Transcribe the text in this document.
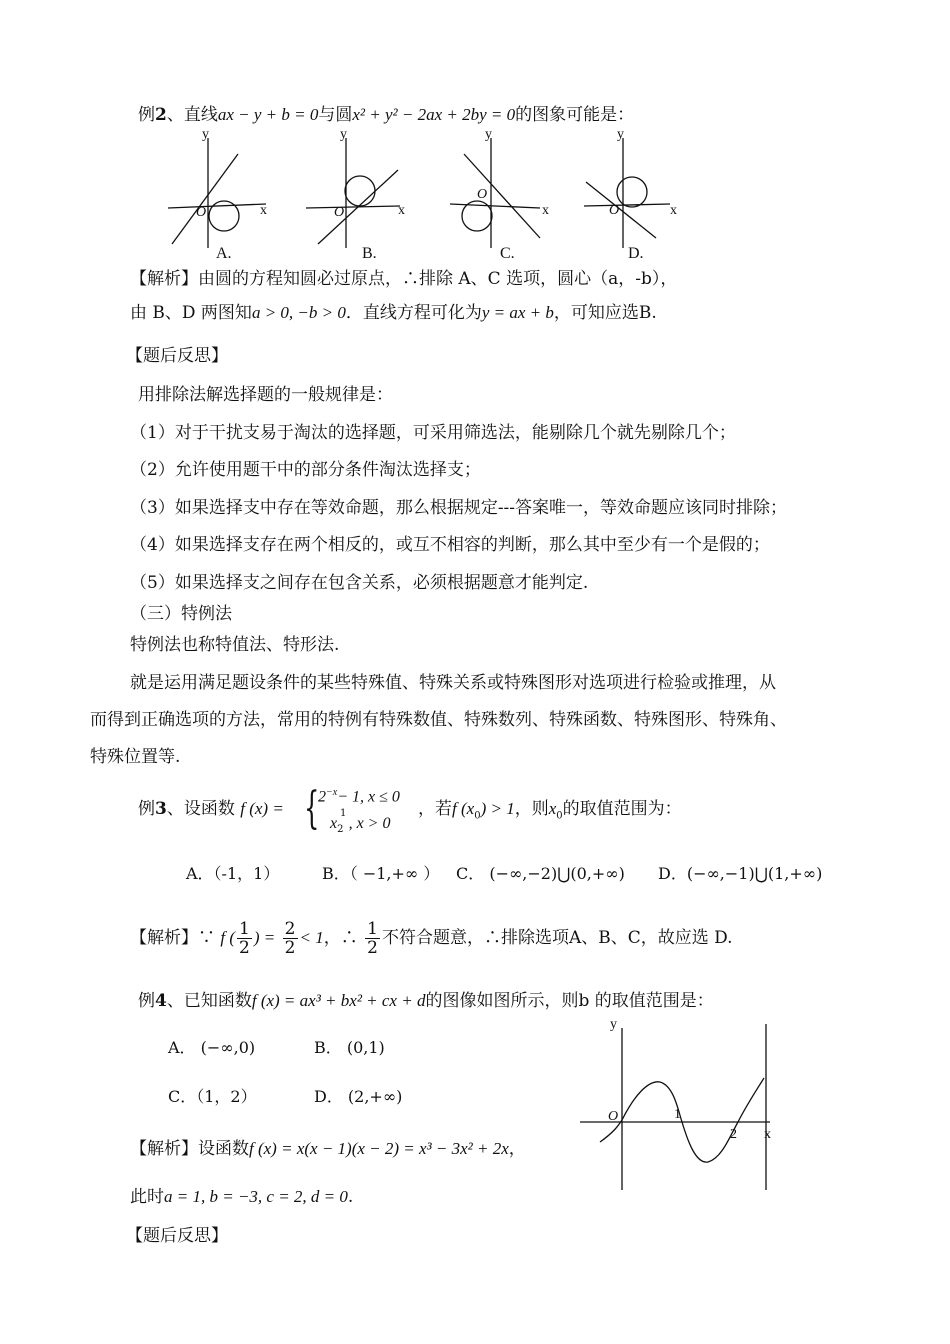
例2、直线ax − y + b = 0与圆x² + y² − 2ax + 2by = 0的图象可能是：
y
x
O
A.
y
x
O
B.
y
x
O
C.
y
x
O
D.
【解析】由圆的方程知圆必过原点，∴排除 A、C 选项，圆心（a，-b），
由 B、D 两图知a > 0, −b > 0．直线方程可化为y = ax + b，可知应选B.
【题后反思】
用排除法解选择题的一般规律是：
（1）对于干扰支易于淘汰的选择题，可采用筛选法，能剔除几个就先剔除几个；
（2）允许使用题干中的部分条件淘汰选择支；
（3）如果选择支中存在等效命题，那么根据规定---答案唯一，等效命题应该同时排除；
（4）如果选择支存在两个相反的，或互不相容的判断，那么其中至少有一个是假的；
（5）如果选择支之间存在包含关系，必须根据题意才能判定.
（三）特例法
特例法也称特值法、特形法.
就是运用满足题设条件的某些特殊值、特殊关系或特殊图形对选项进行检验或推理，从
而得到正确选项的方法，常用的特例有特殊数值、特殊数列、特殊函数、特殊图形、特殊角、
特殊位置等.
例3、设函数 f (x) = {
$2^{-x}- 1$, x ≤ 0
1
$x_2$ , x > 0
，若f $(x_0) > 1$，则$x_0$的取值范围为：
A．（-1，1）	B．（ −1,+∞ ） C． (−∞,−2)⋃(0,+∞) D．(−∞,−1)⋃(1,+∞)
【解析】∵ f ( $\frac{1}{2}$ ) = $\frac{2}{2} < 1$，∴ $\frac{1}{2}$ 不符合题意，∴排除选项A、B、C，故应选 D.
例4、已知函数f (x) = ax³ + bx² + cx + d的图像如图所示，则b 的取值范围是：
A． (−∞,0)	B． (0,1)
C．（1，2）	D． (2,+∞)
y
x
O	1
2
【解析】设函数f (x) = x(x − 1)(x − 2) = x³ − 3x² + 2x，
此时a = 1, b = −3, c = 2, d = 0.
【题后反思】
